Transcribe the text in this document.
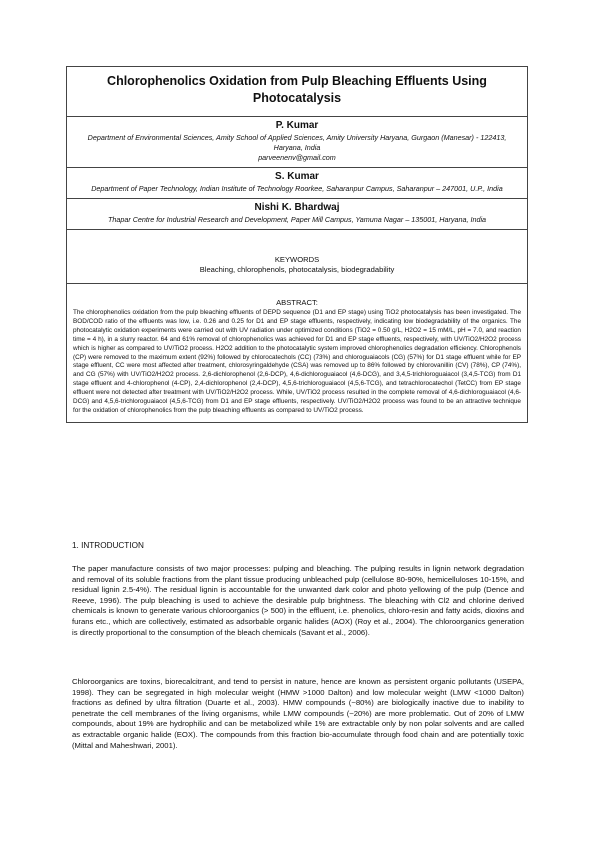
Chlorophenolics Oxidation from Pulp Bleaching Effluents Using Photocatalysis
P. Kumar
Department of Environmental Sciences, Amity School of Applied Sciences, Amity University Haryana, Gurgaon (Manesar) - 122413, Haryana, India
parveenenv@gmail.com
S. Kumar
Department of Paper Technology, Indian Institute of Technology Roorkee, Saharanpur Campus, Saharanpur – 247001, U.P., India
Nishi K. Bhardwaj
Thapar Centre for Industrial Research and Development, Paper Mill Campus, Yamuna Nagar – 135001, Haryana, India
KEYWORDS
Bleaching, chlorophenols, photocatalysis, biodegradability
ABSTRACT:
The chlorophenolics oxidation from the pulp bleaching effluents of DEPD sequence (D1 and EP stage) using TiO2 photocatalysis has been investigated. The BOD/COD ratio of the effluents was low, i.e. 0.26 and 0.25 for D1 and EP stage effluents, respectively, indicating low biodegradability of the organics. The photocatalytic oxidation experiments were carried out with UV radiation under optimized conditions (TiO2 = 0.50 g/L, H2O2 = 15 mM/L, pH = 7.0, and reaction time = 4 h), in a slurry reactor. 64 and 61% removal of chlorophenolics was achieved for D1 and EP stage effluents, respectively, with UV/TiO2/H2O2 process which is higher as compared to UV/TiO2 process. H2O2 addition to the photocatalytic system improved chlorophenolics degradation efficiency. Chlorophenols (CP) were removed to the maximum extent (92%) followed by chlorocatechols (CC) (73%) and chloroguaiacols (CG) (57%) for D1 stage effluent while for EP stage effluent, CC were most affected after treatment, chlorosyringaldehyde (CSA) was removed up to 86% followed by chlorovanillin (CV) (78%), CP (74%), and CG (57%) with UV/TiO2/H2O2 process. 2,6-dichlorophenol (2,6-DCP), 4,6-dichloroguaiacol (4,6-DCG), and 3,4,5-trichloroguaiacol (3,4,5-TCG) from D1 stage effluent and 4-chlorophenol (4-CP), 2,4-dichlorophenol (2,4-DCP), 4,5,6-trichloroguaiacol (4,5,6-TCG), and tetrachlorocatechol (TetCC) from EP stage effluent were not detected after treatment with UV/TiO2/H2O2 process. While, UV/TiO2 process resulted in the complete removal of 4,6-dichloroguaiacol (4,6-DCG) and 4,5,6-trichloroguaiacol (4,5,6-TCG) from D1 and EP stage effluents, respectively. UV/TiO2/H2O2 process was found to be an attractive technique for the oxidation of chlorophenolics from the pulp bleaching effluents as compared to UV/TiO2 process.
1. INTRODUCTION
The paper manufacture consists of two major processes: pulping and bleaching. The pulping results in lignin network degradation and removal of its soluble fractions from the plant tissue producing unbleached pulp (cellulose 80-90%, hemicelluloses 10-15%, and residual lignin 2.5-4%). The residual lignin is accountable for the unwanted dark color and photo yellowing of the pulp (Dence and Reeve, 1996). The pulp bleaching is used to achieve the desirable pulp brightness. The bleaching with Cl2 and chlorine derived chemicals is known to generate various chloroorganics (> 500) in the effluent, i.e. phenolics, chloro-resin and fatty acids, dioxins and furans etc., which are collectively, estimated as adsorbable organic halides (AOX) (Roy et al., 2004). The chloroorganics generation is directly proportional to the consumption of the bleach chemicals (Savant et al., 2006).
Chloroorganics are toxins, biorecalcitrant, and tend to persist in nature, hence are known as persistent organic pollutants (USEPA, 1998). They can be segregated in high molecular weight (HMW >1000 Dalton) and low molecular weight (LMW <1000 Dalton) fractions as defined by ultra filtration (Duarte et al., 2003). HMW compounds (~80%) are biologically inactive due to inability to penetrate the cell membranes of the living organisms, while LMW compounds (~20%) are more problematic. Out of 20% of LMW compounds, about 19% are hydrophilic and can be metabolized while 1% are extractable only by non polar solvents and are called as extractable organic halide (EOX). The compounds from this fraction bio-accumulate through food chain and are potentially toxic (Mittal and Maheshwari, 2001).
